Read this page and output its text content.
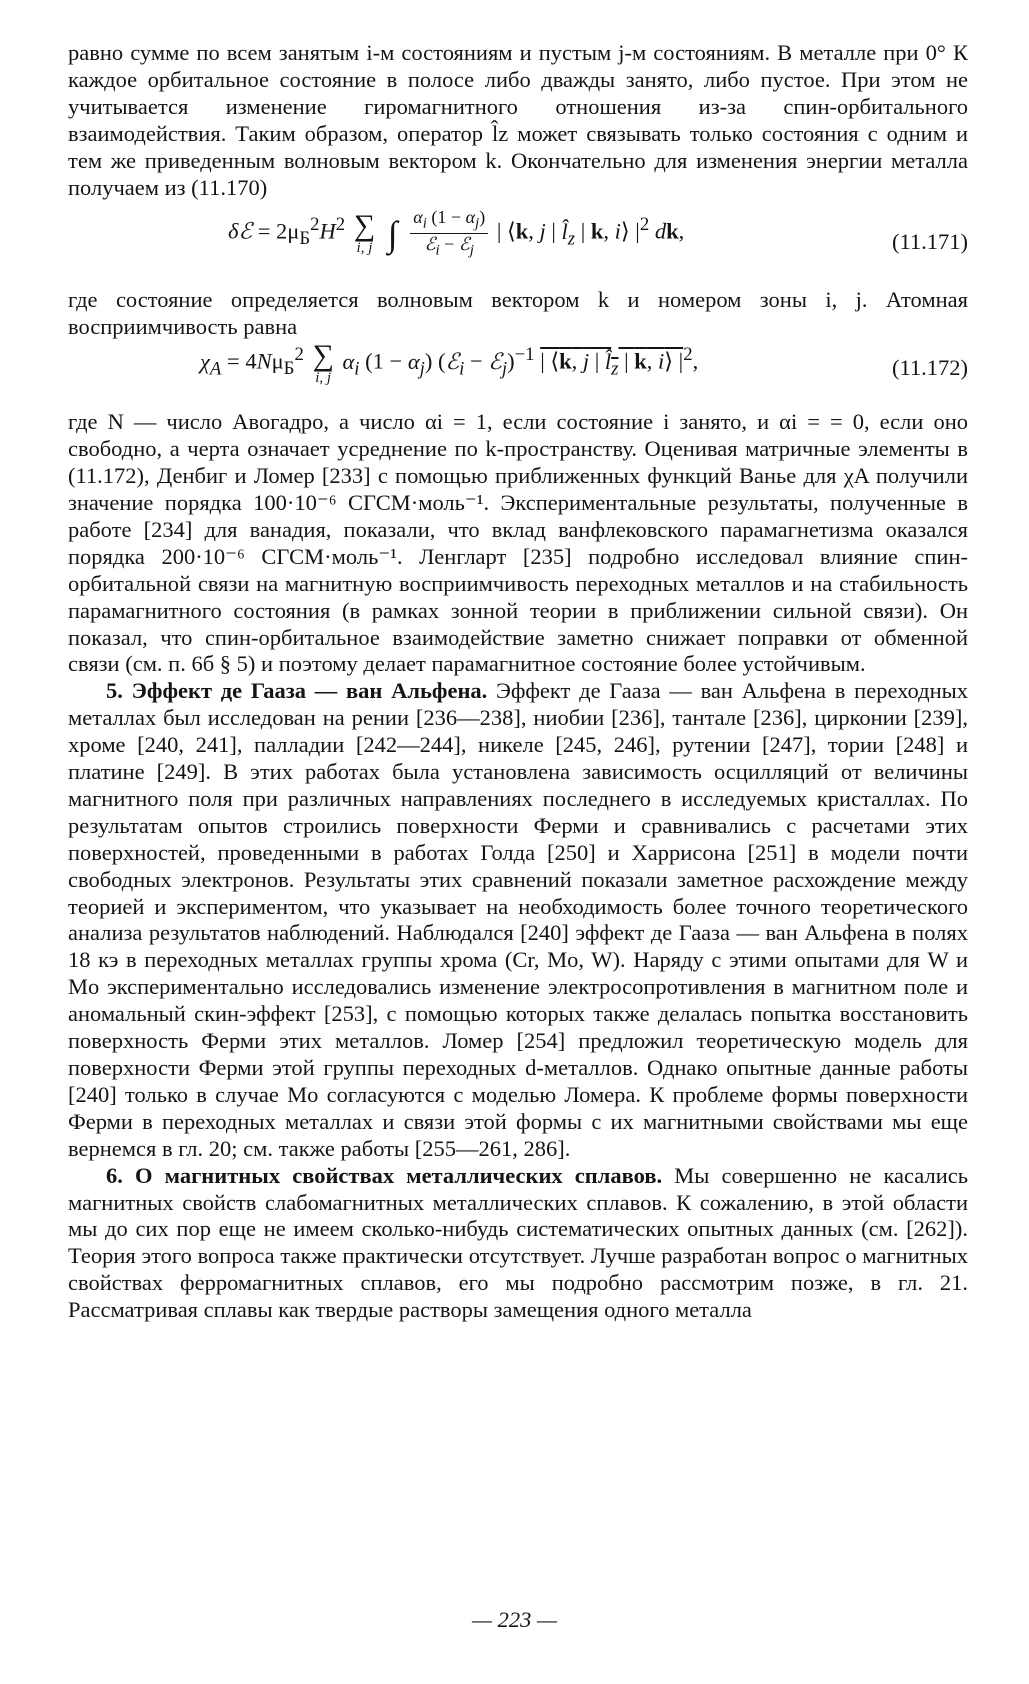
равно сумме по всем занятым i-м состояниям и пустым j-м состояниям. В металле при 0° К каждое орбитальное состояние в полосе либо дважды занято, либо пустое. При этом не учитывается изменение гиромагнитного отношения из-за спин-орбитального взаимодействия. Таким образом, оператор l̂z может связывать только состояния с одним и тем же приведенным волновым вектором k. Окончательно для изменения энергии металла получаем из (11.170)

δℰ = $2\mu_Б^2H^2$ ∑
i, j ∫ $\frac{\alpha_i (1 - \alpha_j)}{ℰ_i - ℰ_j}$ | ⟨k, j | $l̂_z$ | k, i⟩ $|^2$ dk,	(11.171)

где состояние определяется волновым вектором k и номером зоны i, j. Атомная восприимчивость равна

$\chi_A = 4N\mu_Б^2$ ∑
i, j
$\alpha_i$ $(1 - \alpha_j)$ (ℰ$_i$ − ℰ$_j$)$^{-1}$ | ⟨k, j | $l̂_z$ | k, i⟩ $|^2$,	(11.172)

где N — число Авогадро, а число αi = 1, если состояние i занято, и αi = = 0, если оно свободно, а черта означает усреднение по k-пространству. Оценивая матричные элементы в (11.172), Денбиг и Ломер [233] с помощью приближенных функций Ванье для χA получили значение порядка 100·10⁻⁶ СГСМ·моль⁻¹. Экспериментальные результаты, полученные в работе [234] для ванадия, показали, что вклад ванфлековского парамагнетизма оказался порядка 200·10⁻⁶ СГСМ·моль⁻¹. Ленгларт [235] подробно исследовал влияние спин-орбитальной связи на магнитную восприимчивость переходных металлов и на стабильность парамагнитного состояния (в рамках зонной теории в приближении сильной связи). Он показал, что спин-орбитальное взаимодействие заметно снижает поправки от обменной связи (см. п. 6б § 5) и поэтому делает парамагнитное состояние более устойчивым.

5. Эффект де Гааза — ван Альфена. Эффект де Гааза — ван Альфена в переходных металлах был исследован на рении [236—238], ниобии [236], тантале [236], цирконии [239], хроме [240, 241], палладии [242—244], никеле [245, 246], рутении [247], тории [248] и платине [249]. В этих работах была установлена зависимость осцилляций от величины магнитного поля при различных направлениях последнего в исследуемых кристаллах. По результатам опытов строились поверхности Ферми и сравнивались с расчетами этих поверхностей, проведенными в работах Голда [250] и Харрисона [251] в модели почти свободных электронов. Результаты этих сравнений показали заметное расхождение между теорией и экспериментом, что указывает на необходимость более точного теоретического анализа результатов наблюдений. Наблюдался [240] эффект де Гааза — ван Альфена в полях 18 кэ в переходных металлах группы хрома (Cr, Mo, W). Наряду с этими опытами для W и Mo экспериментально исследовались изменение электросопротивления в магнитном поле и аномальный скин-эффект [253], с помощью которых также делалась попытка восстановить поверхность Ферми этих металлов. Ломер [254] предложил теоретическую модель для поверхности Ферми этой группы переходных d-металлов. Однако опытные данные работы [240] только в случае Mo согласуются с моделью Ломера. К проблеме формы поверхности Ферми в переходных металлах и связи этой формы с их магнитными свойствами мы еще вернемся в гл. 20; см. также работы [255—261, 286].

6. О магнитных свойствах металлических сплавов. Мы совершенно не касались магнитных свойств слабомагнитных металлических сплавов. К сожалению, в этой области мы до сих пор еще не имеем сколько-нибудь систематических опытных данных (см. [262]). Теория этого вопроса также практически отсутствует. Лучше разработан вопрос о магнитных свойствах ферромагнитных сплавов, его мы подробно рассмотрим позже, в гл. 21. Рассматривая сплавы как твердые растворы замещения одного металла

— 223 —
